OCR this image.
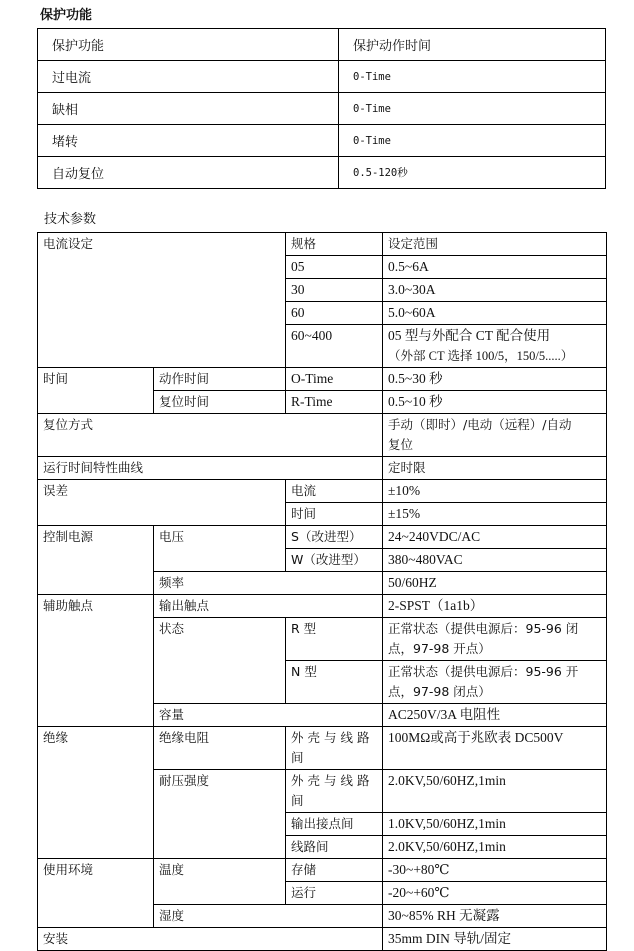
保护功能
保护功能	保护动作时间
过电流	0-Time
缺相	0-Time
堵转	0-Time
自动复位	0.5-120秒
技术参数
电流设定		规格	设定范围
		05	0.5~6A
		30	3.0~30A
		60	5.0~60A
		60~400	05 型与外配合 CT 配合使用
（外部 CT 选择 100/5，150/5.....）

时间	动作时间	O-Time	0.5~30 秒
	复位时间	R-Time	0.5~10 秒
复位方式			手动（即时）/电动（远程）/自动
复位

运行时间特性曲线			定时限
误差		电流	±10%
		时间	±15%
控制电源	电压	S（改进型）	24~240VDC/AC
		W（改进型）	380~480VAC
	频率		50/60HZ
辅助触点	输出触点		2-SPST（1a1b）
	状态	R 型	正常状态（提供电源后：95-96 闭
点，97-98 开点）

		N 型	正常状态（提供电源后：95-96 开
点，97-98 闭点）

	容量		AC250V/3A 电阻性
绝缘	绝缘电阻	外壳与线路
间	100MΩ或高于兆欧表 DC500V
	耐压强度	外壳与线路
间	2.0KV,50/60HZ,1min
		输出接点间	1.0KV,50/60HZ,1min
		线路间	2.0KV,50/60HZ,1min
使用环境	温度	存储	-30~+80℃
		运行	-20~+60℃
	湿度		30~85% RH 无凝露
安装			35mm DIN 导轨/固定
